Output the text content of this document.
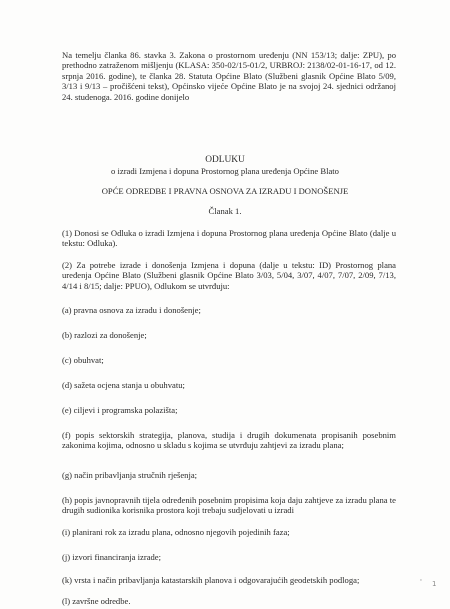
Na temelju članka 86. stavka 3. Zakona o prostornom uređenju (NN 153/13; dalje: ZPU), po prethodno zatraženom mišljenju (KLASA: 350-02/15-01/2, URBROJ: 2138/02-01-16-17, od 12. srpnja 2016. godine), te članka 28. Statuta Općine Blato (Službeni glasnik Općine Blato 5/09, 3/13 i 9/13 – pročišćeni tekst), Općinsko vijeće Općine Blato je na svojoj 24. sjednici održanoj 24. studenoga. 2016. godine donijelo

ODLUKU

o izradi Izmjena i dopuna Prostornog plana uređenja Općine Blato

OPĆE ODREDBE I PRAVNA OSNOVA ZA IZRADU I DONOŠENJE

Članak 1.

(1) Donosi se Odluka o izradi Izmjena i dopuna Prostornog plana uređenja Općine Blato (dalje u tekstu: Odluka).

(2) Za potrebe izrade i donošenja Izmjena i dopuna (dalje u tekstu: ID) Prostornog plana uređenja Općine Blato (Službeni glasnik Općine Blato 3/03, 5/04, 3/07, 4/07, 7/07, 2/09, 7/13, 4/14 i 8/15; dalje: PPUO), Odlukom se utvrđuju:

(a) pravna osnova za izradu i donošenje;

(b) razlozi za donošenje;

(c) obuhvat;

(d) sažeta ocjena stanja u obuhvatu;

(e) ciljevi i programska polazišta;

(f) popis sektorskih strategija, planova, studija i drugih dokumenata propisanih posebnim zakonima kojima, odnosno u skladu s kojima se utvrđuju zahtjevi za izradu plana;

(g) način pribavljanja stručnih rješenja;

(h) popis javnopravnih tijela određenih posebnim propisima koja daju zahtjeve za izradu plana te drugih sudionika korisnika prostora koji trebaju sudjelovati u izradi

(i) planirani rok za izradu plana, odnosno njegovih pojedinih faza;

(j) izvori financiranja izrade;

(k) vrsta i način pribavljanja katastarskih planova i odgovarajućih geodetskih podloga;

(l) završne odredbe.

' 1
